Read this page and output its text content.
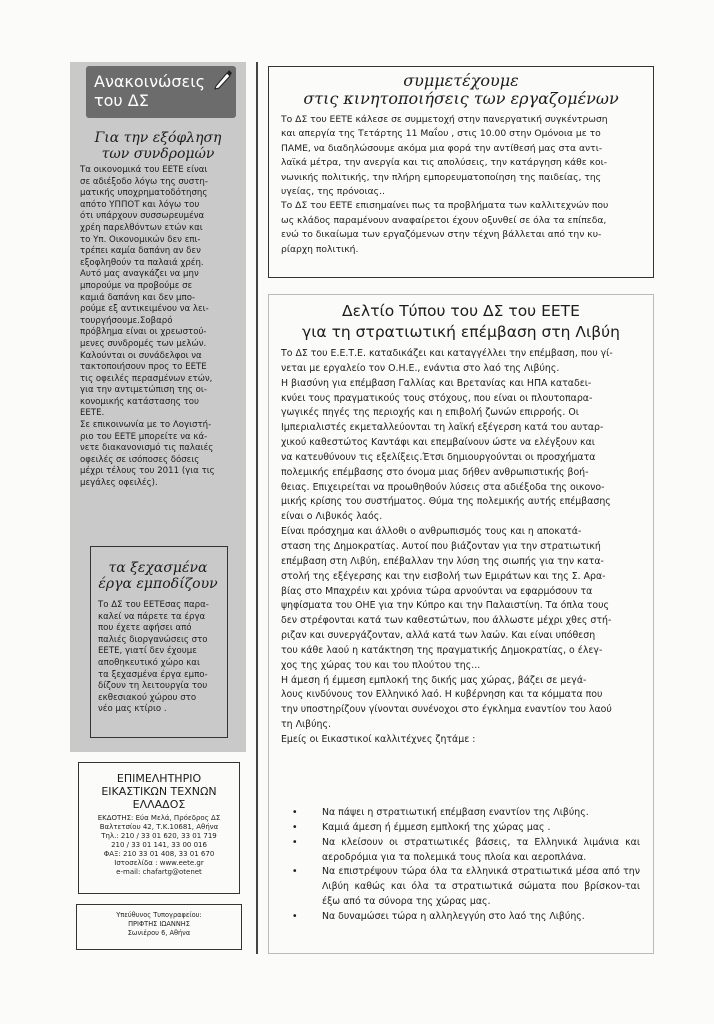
Ανακοινώσεις
του ΔΣ
Για την εξόφληση
των συνδρομών

Τα οικονομικά του ΕΕΤΕ είναι
σε αδιέξοδο λόγω της συστη-
ματικής υποχρηματοδότησης
απότο ΥΠΠΟΤ και λόγω του
ότι υπάρχουν συσσωρευμένα
χρέη παρελθόντων ετών και
το Υπ. Οικονομικών δεν επι-
τρέπει καμία δαπάνη αν δεν
εξοφληθούν τα παλαιά χρέη.
Αυτό μας αναγκάζει να μην
μπορούμε να προβούμε σε
καμιά δαπάνη και δεν μπο-
ρούμε εξ αντικειμένου να λει-
τουργήσουμε.Σοβαρό
πρόβλημα είναι οι χρεωστού-
μενες συνδρομές των μελών.
Καλούνται οι συνάδελφοι να
τακτοποιήσουν προς το ΕΕΤΕ
τις οφειλές περασμένων ετών,
για την αντιμετώπιση της οι-
κονομικής κατάστασης του
ΕΕΤΕ.
Σε επικοινωνία με το Λογιστή-
ριο του ΕΕΤΕ μπορείτε να κά-
νετε διακανονισμό τις παλαιές
οφειλές σε ισόποσες δόσεις
μέχρι τέλους του 2011 (για τις
μεγάλες οφειλές).

τα ξεχασμένα
έργα εμποδίζουν

Το ΔΣ του ΕΕΤΕσας παρα-
καλεί να πάρετε τα έργα
που έχετε αφήσει από
παλιές διοργανώσεις στο
ΕΕΤΕ, γιατί δεν έχουμε
αποθηκευτικό χώρο και
τα ξεχασμένα έργα εμπο-
δίζουν τη λειτουργία του
εκθεσιακού χώρου στο
νέο μας κτίριο .

ΕΠΙΜΕΛΗΤΗΡΙΟ
ΕΙΚΑΣΤΙΚΩΝ ΤΕΧΝΩΝ
ΕΛΛΑΔΟΣ
ΕΚΔΟΤΗΣ: Εύα Μελά, Πρόεδρος ΔΣ
Βαλτετσίου 42, Τ.Κ.10681, Αθήνα
Τηλ.: 210 / 33 01 620, 33 01 719
210 / 33 01 141, 33 00 016
ΦΑΞ: 210 33 01 408, 33 01 670
Ιστοσελίδα : www.eete.gr
e-mail: chafartg@otenet
Υπεύθυνος Τυπογραφείου:
ΠΡΙΦΤΗΣ ΙΩΑΝΝΗΣ
Σωνιέρου 6, Αθήνα
συμμετέχουμε
στις κινητοποιήσεις των εργαζομένων

Το ΔΣ του ΕΕΤΕ κάλεσε σε συμμετοχή στην πανεργατική συγκέντρωση
και απεργία της Τετάρτης 11 Μαΐου , στις 10.00 στην Ομόνοια με το
ΠΑΜΕ, να διαδηλώσουμε ακόμα μια φορά την αντίθεσή μας στα αντι-
λαϊκά μέτρα, την ανεργία και τις απολύσεις, την κατάργηση κάθε κοι-
νωνικής πολιτικής, την πλήρη εμπορευματοποίηση της παιδείας, της
υγείας, της πρόνοιας..
Το ΔΣ του ΕΕΤΕ επισημαίνει πως τα προβλήματα των καλλιτεχνών που
ως κλάδος παραμένουν αναφαίρετοι έχουν οξυνθεί σε όλα τα επίπεδα,
ενώ το δικαίωμα των εργαζόμενων στην τέχνη βάλλεται από την κυ-
ρίαρχη πολιτική.

Δελτίο Τύπου του ΔΣ του ΕΕΤΕ
για τη στρατιωτική επέμβαση στη Λιβύη

Το ΔΣ του Ε.Ε.Τ.Ε. καταδικάζει και καταγγέλλει την επέμβαση, που γί-
νεται με εργαλείο τον Ο.Η.Ε., ενάντια στο λαό της Λιβύης.
Η βιασύνη για επέμβαση Γαλλίας και Βρετανίας και ΗΠΑ καταδει-
κνύει τους πραγματικούς τους στόχους, που είναι οι πλουτοπαρα-
γωγικές πηγές της περιοχής και η επιβολή ζωνών επιρροής. Οι
Ιμπεριαλιστές εκμεταλλεύονται τη λαϊκή εξέγερση κατά του αυταρ-
χικού καθεστώτος Καντάφι και επεμβαίνουν ώστε να ελέγξουν και
να κατευθύνουν τις εξελίξεις.Έτσι δημιουργούνται οι προσχήματα
πολεμικής επέμβασης στο όνομα μιας δήθεν ανθρωπιστικής βοή-
θειας. Επιχειρείται να προωθηθούν λύσεις στα αδιέξοδα της οικονο-
μικής κρίσης του συστήματος. Θύμα της πολεμικής αυτής επέμβασης
είναι ο Λιβυκός λαός.
Είναι πρόσχημα και άλλοθι ο ανθρωπισμός τους και η αποκατά-
σταση της Δημοκρατίας. Αυτοί που βιάζονταν για την στρατιωτική
επέμβαση στη Λιβύη, επέβαλλαν την λύση της σιωπής για την κατα-
στολή της εξέγερσης και την εισβολή των Εμιράτων και της Σ. Αρα-
βίας στο Μπαχρέιν και χρόνια τώρα αρνούνται να εφαρμόσουν τα
ψηφίσματα του ΟΗΕ για την Κύπρο και την Παλαιστίνη. Τα όπλα τους
δεν στρέφονται κατά των καθεστώτων, που άλλωστε μέχρι χθες στή-
ριζαν και συνεργάζονταν, αλλά κατά των λαών. Και είναι υπόθεση
του κάθε λαού η κατάκτηση της πραγματικής Δημοκρατίας, ο έλεγ-
χος της χώρας του και του πλούτου της...
Η άμεση ή έμμεση εμπλοκή της δικής μας χώρας, βάζει σε μεγά-
λους κινδύνους τον Ελληνικό λαό. Η κυβέρνηση και τα κόμματα που
την υποστηρίζουν γίνονται συνένοχοι στο έγκλημα εναντίον του λαού
τη Λιβύης.
Εμείς οι Εικαστικοί καλλιτέχνες ζητάμε :

•	Να πάψει η στρατιωτική επέμβαση εναντίον της Λιβύης.
•	Καμιά άμεση ή έμμεση εμπλοκή της χώρας μας .
•	Να κλείσουν οι στρατιωτικές βάσεις, τα Ελληνικά λιμάνια και αεροδρόμια για τα πολεμικά τους πλοία και αεροπλάνα.
•	Να επιστρέψουν τώρα όλα τα ελληνικά στρατιωτικά μέσα από την Λιβύη καθώς και όλα τα στρατιωτικά σώματα που βρίσκον-ται έξω από τα σύνορα της χώρας μας.
•	Να δυναμώσει τώρα η αλληλεγγύη στο λαό της Λιβύης.
